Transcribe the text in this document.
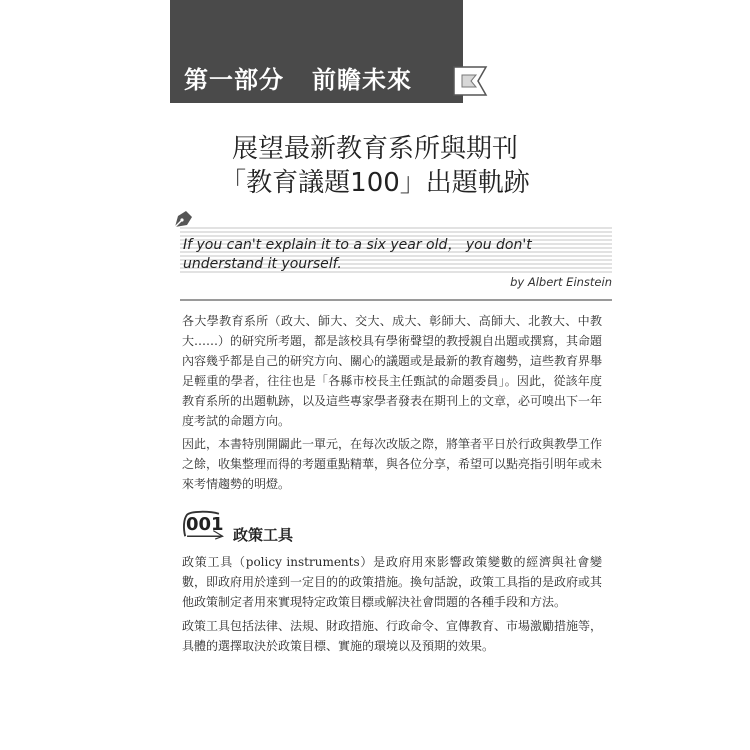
第一部分 前瞻未來
展望最新教育系所與期刊
「教育議題100」出題軌跡
If you can't explain it to a six year old， you don't understand it yourself.
by Albert Einstein
各大學教育系所（政大、師大、交大、成大、彰師大、高師大、北教大、中教大……）的研究所考題，都是該校具有學術聲望的教授親自出題或撰寫，其命題內容幾乎都是自己的研究方向、關心的議題或是最新的教育趨勢，這些教育界舉足輕重的學者，往往也是「各縣市校長主任甄試的命題委員」。因此，從該年度教育系所的出題軌跡，以及這些專家學者發表在期刊上的文章，必可嗅出下一年度考試的命題方向。
因此，本書特別開闢此一單元，在每次改版之際，將筆者平日於行政與教學工作之餘，收集整理而得的考題重點精華，與各位分享，希望可以點亮指引明年或未來考情趨勢的明燈。
001 政策工具
政策工具（policy instruments）是政府用來影響政策變數的經濟與社會變數，即政府用於達到一定目的的政策措施。換句話說，政策工具指的是政府或其他政策制定者用來實現特定政策目標或解決社會問題的各種手段和方法。
政策工具包括法律、法規、財政措施、行政命令、宣傳教育、市場激勵措施等，具體的選擇取決於政策目標、實施的環境以及預期的效果。
